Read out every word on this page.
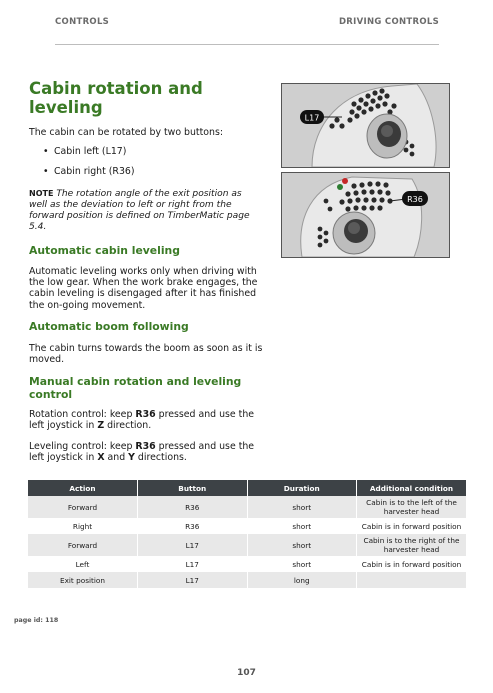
CONTROLS	DRIVING CONTROLS
Cabin rotation and leveling

The cabin can be rotated by two buttons:

• Cabin left (L17)
• Cabin right (R36)

NOTE The rotation angle of the exit position as well as the deviation to left or right from the forward position is defined on TimberMatic page 5.4.

Automatic cabin leveling

Automatic leveling works only when driving with the low gear. When the work brake engages, the cabin leveling is disengaged after it has finished the on-going movement.

Automatic boom following

The cabin turns towards the boom as soon as it is moved.

Manual cabin rotation and leveling control

Rotation control: keep R36 pressed and use the left joystick in Z direction.

Leveling control: keep R36 pressed and use the left joystick in X and Y directions.

L17
R36
Action	Button	Duration	Additional condition
Forward	R36	short	Cabin is to the left of the harvester head
Right	R36	short	Cabin is in forward position
Forward	L17	short	Cabin is to the right of the harvester head
Left	L17	short	Cabin is in forward position
Exit position	L17	long	
page id: 118
107
